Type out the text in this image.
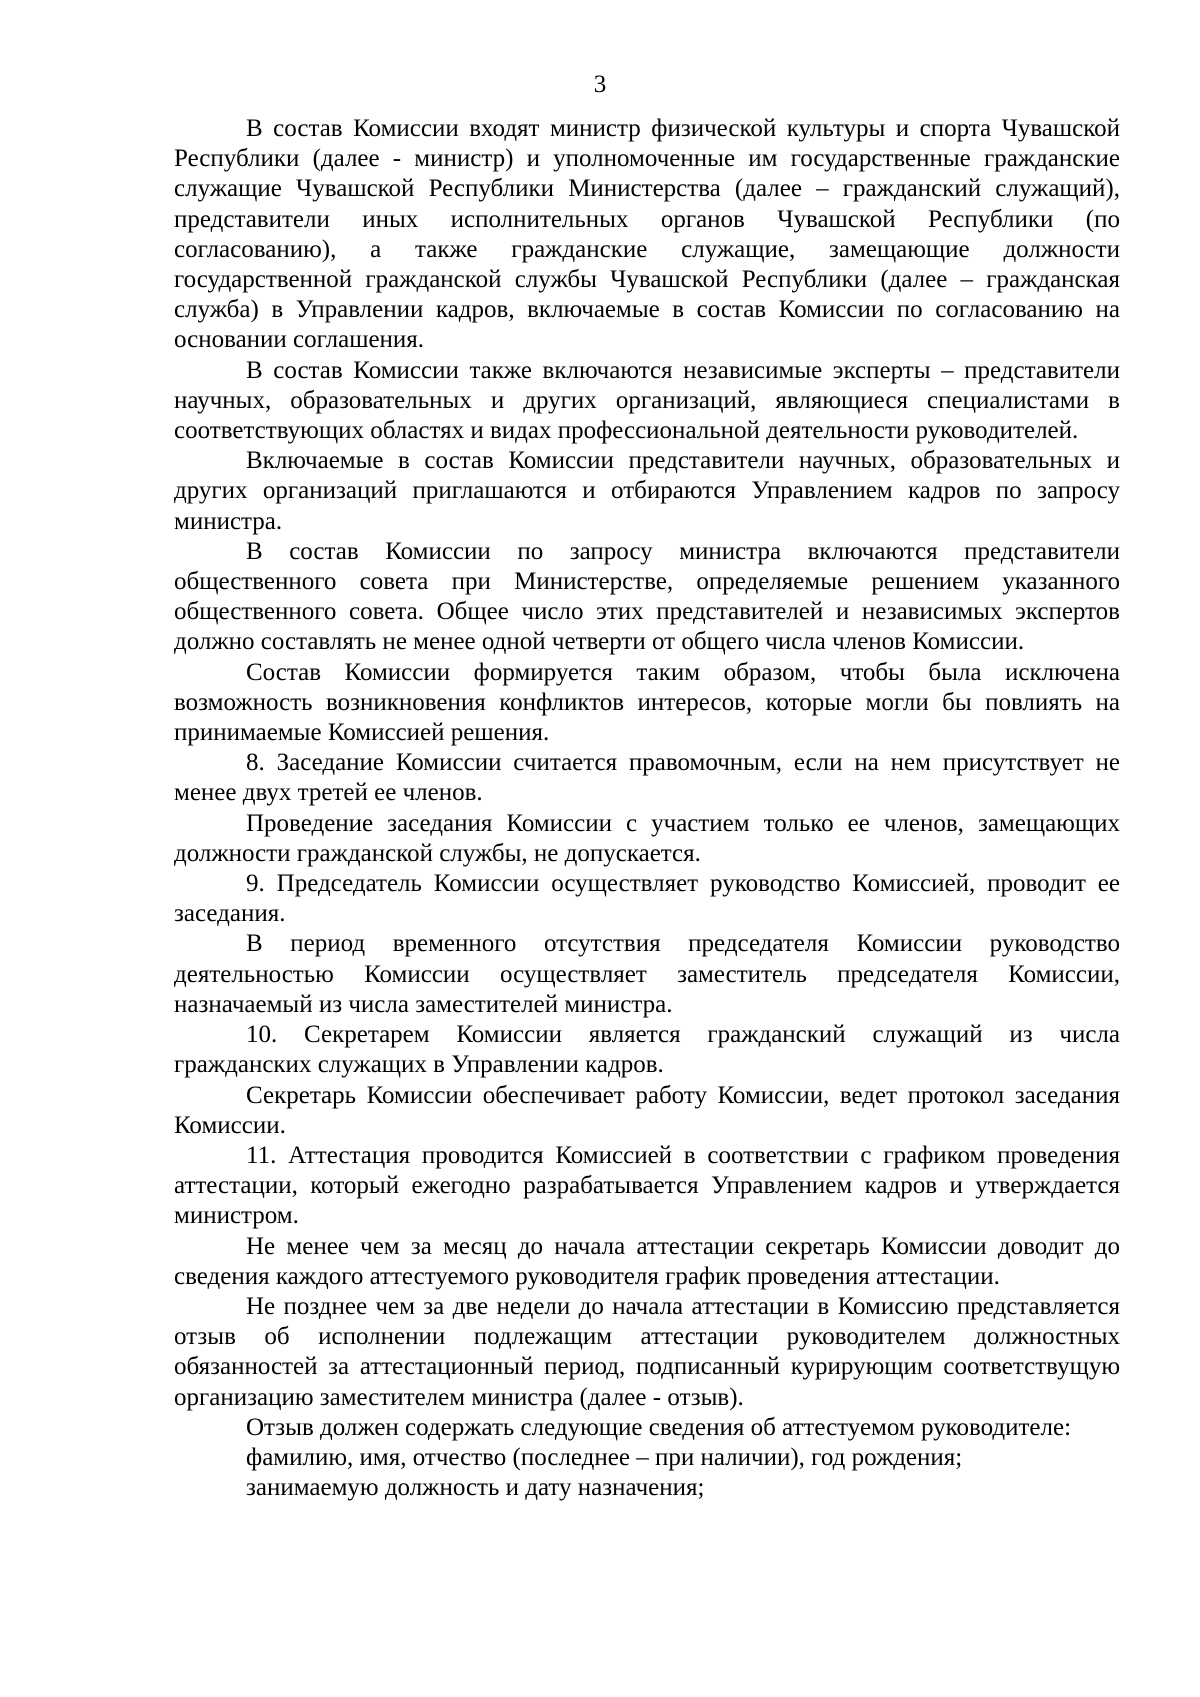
3

В состав Комиссии входят министр физической культуры и спорта Чувашской Республики (далее - министр) и уполномоченные им государственные гражданские служащие Чувашской Республики Министерства (далее – гражданский служащий), представители иных исполнительных органов Чувашской Республики (по согласованию), а также гражданские служащие, замещающие должности государственной гражданской службы Чувашской Республики (далее – гражданская служба) в Управлении кадров, включаемые в состав Комиссии по согласованию на основании соглашения.

В состав Комиссии также включаются независимые эксперты – представители научных, образовательных и других организаций, являющиеся специалистами в соответствующих областях и видах профессиональной деятельности руководителей.

Включаемые в состав Комиссии представители научных, образовательных и других организаций приглашаются и отбираются Управлением кадров по запросу министра.

В состав Комиссии по запросу министра включаются представители общественного совета при Министерстве, определяемые решением указанного общественного совета. Общее число этих представителей и независимых экспертов должно составлять не менее одной четверти от общего числа членов Комиссии.

Состав Комиссии формируется таким образом, чтобы была исключена возможность возникновения конфликтов интересов, которые могли бы повлиять на принимаемые Комиссией решения.

8. Заседание Комиссии считается правомочным, если на нем присутствует не менее двух третей ее членов.

Проведение заседания Комиссии с участием только ее членов, замещающих должности гражданской службы, не допускается.

9. Председатель Комиссии осуществляет руководство Комиссией, проводит ее заседания.

В период временного отсутствия председателя Комиссии руководство деятельностью Комиссии осуществляет заместитель председателя Комиссии, назначаемый из числа заместителей министра.

10. Секретарем Комиссии является гражданский служащий из числа гражданских служащих в Управлении кадров.

Секретарь Комиссии обеспечивает работу Комиссии, ведет протокол заседания Комиссии.

11. Аттестация проводится Комиссией в соответствии с графиком проведения аттестации, который ежегодно разрабатывается Управлением кадров и утверждается министром.

Не менее чем за месяц до начала аттестации секретарь Комиссии доводит до сведения каждого аттестуемого руководителя график проведения аттестации.

Не позднее чем за две недели до начала аттестации в Комиссию представляется отзыв об исполнении подлежащим аттестации руководителем должностных обязанностей за аттестационный период, подписанный курирующим соответствущую организацию заместителем министра (далее - отзыв).

Отзыв должен содержать следующие сведения об аттестуемом руководителе:

фамилию, имя, отчество (последнее – при наличии), год рождения;

занимаемую должность и дату назначения;
